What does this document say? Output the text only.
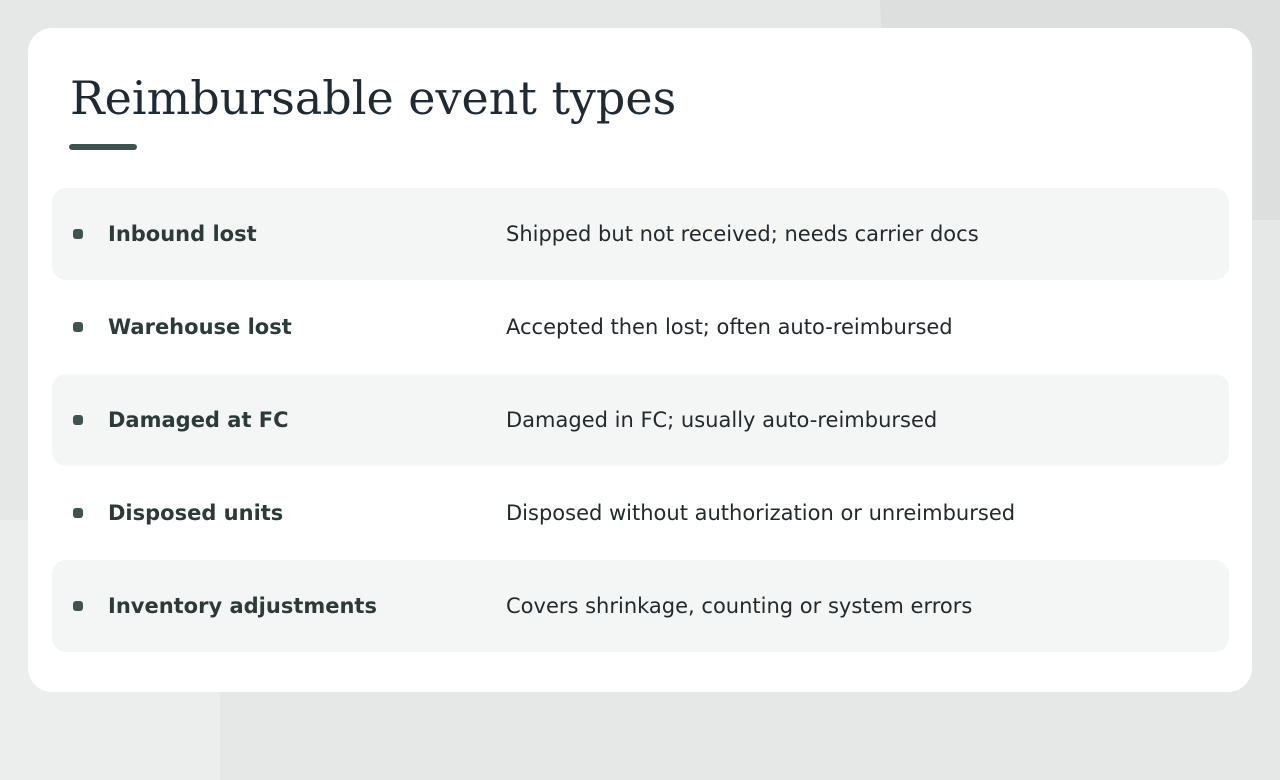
Reimbursable event types
Inbound lost	Shipped but not received; needs carrier docs
Warehouse lost	Accepted then lost; often auto-reimbursed
Damaged at FC	Damaged in FC; usually auto-reimbursed
Disposed units	Disposed without authorization or unreimbursed
Inventory adjustments	Covers shrinkage, counting or system errors
